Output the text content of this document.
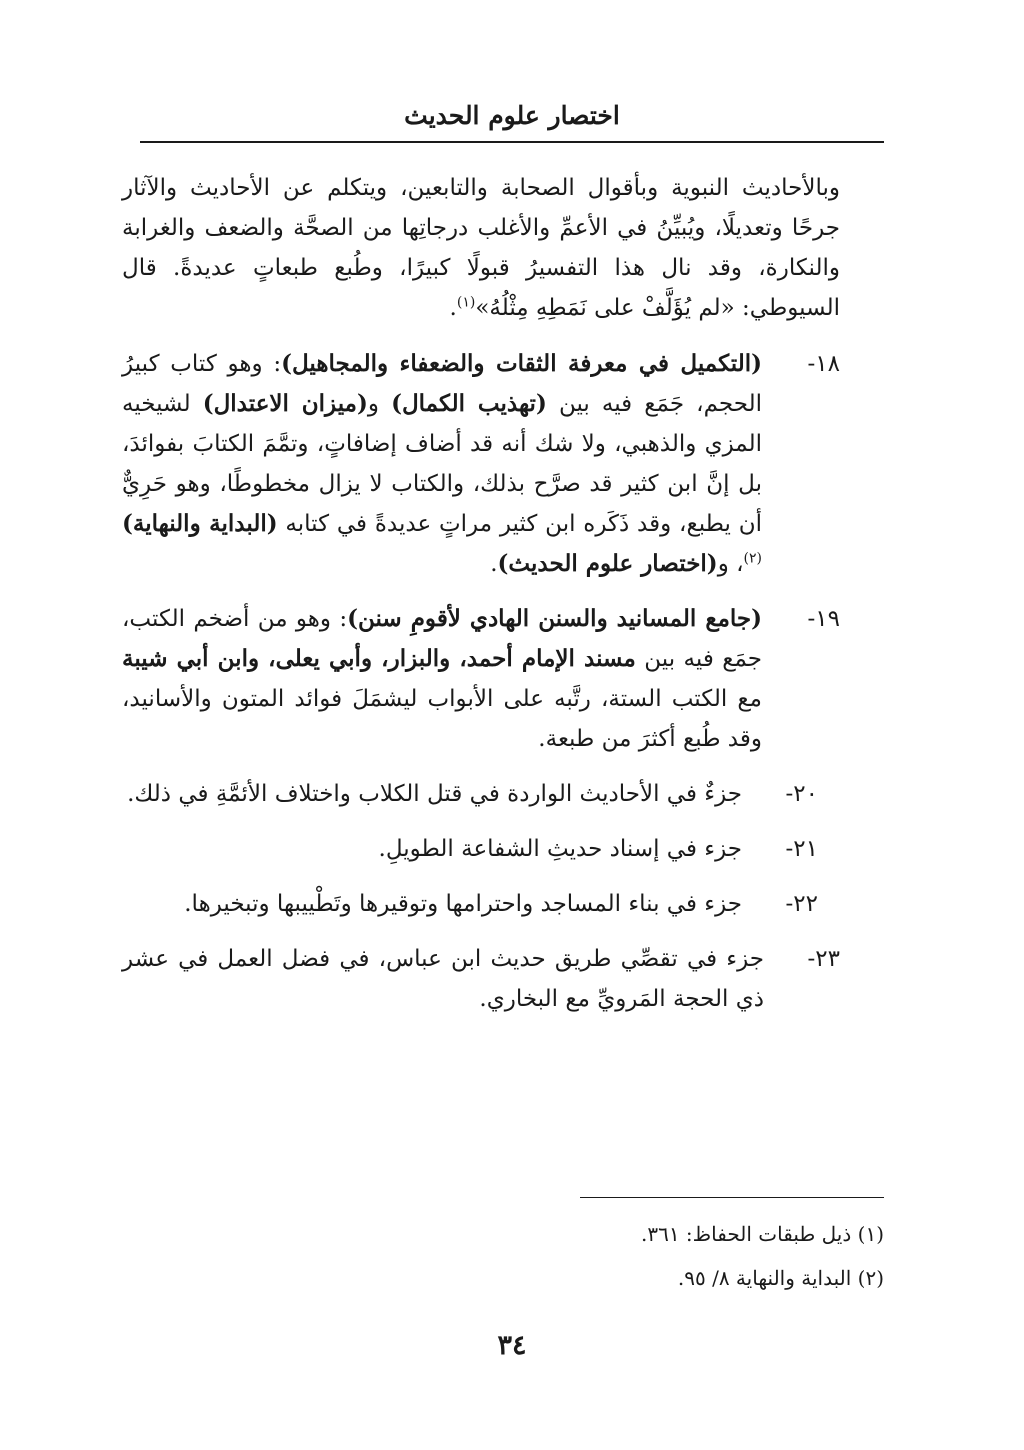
اختصار علوم الحديث

وبالأحاديث النبوية وبأقوال الصحابة والتابعين، ويتكلم عن الأحاديث والآثار جرحًا وتعديلًا، ويُبيِّنُ في الأعمِّ والأغلب درجاتِها من الصحَّة والضعف والغرابة والنكارة، وقد نال هذا التفسيرُ قبولًا كبيرًا، وطُبع طبعاتٍ عديدةً. قال السيوطي: «لم يُؤَلَّفْ على نَمَطِهِ مِثْلُهُ»$^{(١)}$.

١٨-
(التكميل في معرفة الثقات والضعفاء والمجاهيل): وهو كتاب كبيرُ الحجم، جَمَع فيه بين (تهذيب الكمال) و(ميزان الاعتدال) لشيخيه المزي والذهبي، ولا شك أنه قد أضاف إضافاتٍ، وتمَّمَ الكتابَ بفوائدَ، بل إنَّ ابن كثير قد صرَّح بذلك، والكتاب لا يزال مخطوطًا، وهو حَرِيٌّ أن يطبع، وقد ذَكَره ابن كثير مراتٍ عديدةً في كتابه (البداية والنهاية)$^{(٢)}$، و(اختصار علوم الحديث).
١٩-
(جامع المسانيد والسنن الهادي لأقومِ سنن): وهو من أضخم الكتب، جمَع فيه بين مسند الإمام أحمد، والبزار، وأبي يعلى، وابن أبي شيبة مع الكتب الستة، رتَّبه على الأبواب ليشمَلَ فوائد المتون والأسانيد، وقد طُبع أكثرَ من طبعة.
٢٠-
جزءٌ في الأحاديث الواردة في قتل الكلاب واختلاف الأئمَّةِ في ذلك.
٢١-
جزء في إسناد حديثِ الشفاعة الطويلِ.
٢٢-
جزء في بناء المساجد واحترامها وتوقيرها وتَطْييبها وتبخيرها.
٢٣-
جزء في تقصِّي طريق حديث ابن عباس، في فضل العمل في عشر ذي الحجة المَرويِّ مع البخاري.
(١) ذيل طبقات الحفاظ: ٣٦١.
(٢) البداية والنهاية ٨/ ٩٥.
٣٤
